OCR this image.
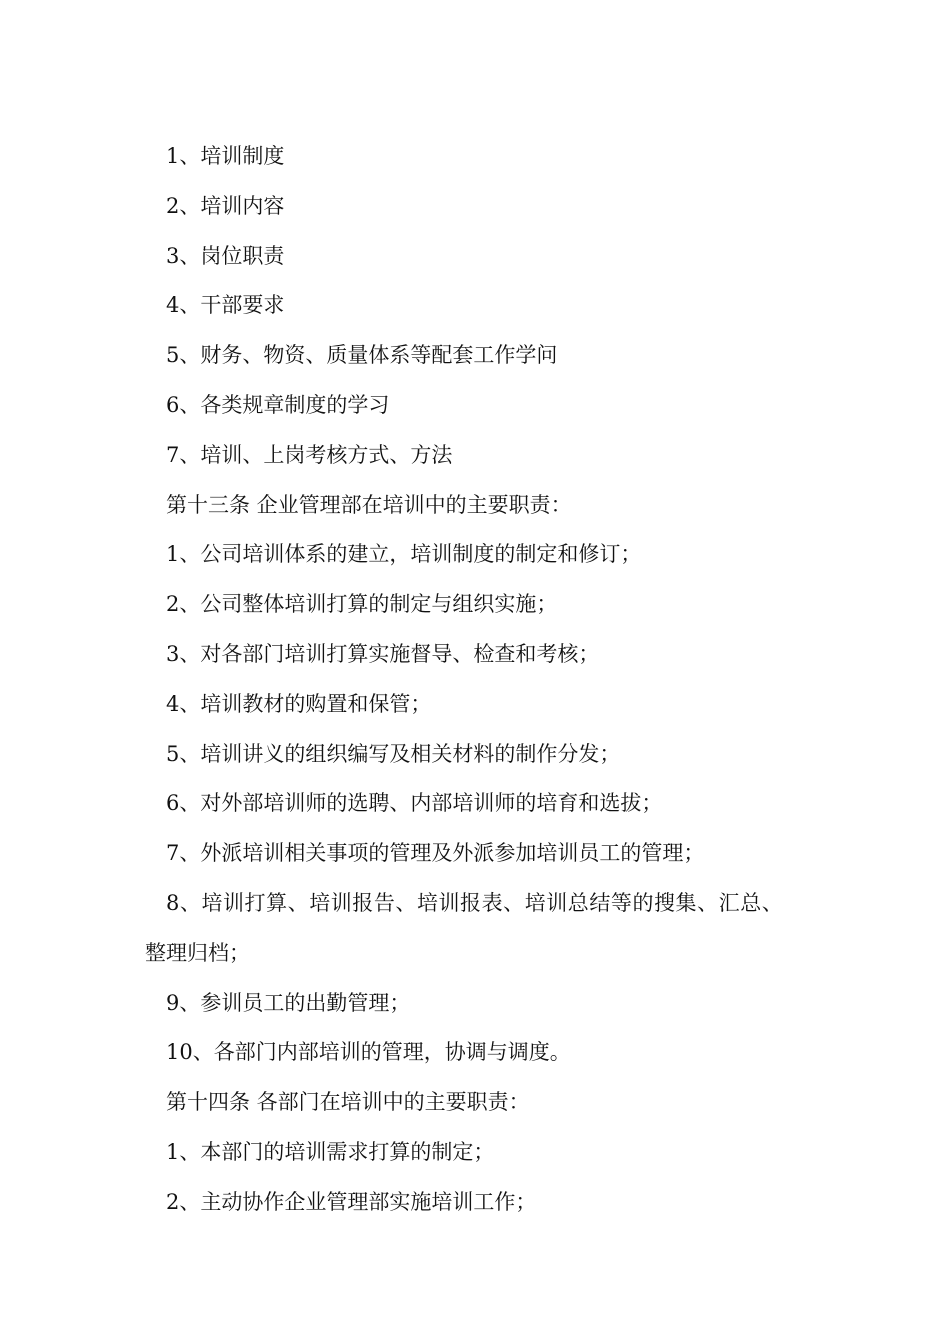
1、培训制度
2、培训内容
3、岗位职责
4、干部要求
5、财务、物资、质量体系等配套工作学问
6、各类规章制度的学习
7、培训、上岗考核方式、方法
第十三条 企业管理部在培训中的主要职责：
1、公司培训体系的建立，培训制度的制定和修订；
2、公司整体培训打算的制定与组织实施；
3、对各部门培训打算实施督导、检查和考核；
4、培训教材的购置和保管；
5、培训讲义的组织编写及相关材料的制作分发；
6、对外部培训师的选聘、内部培训师的培育和选拔；
7、外派培训相关事项的管理及外派参加培训员工的管理；
8、培训打算、培训报告、培训报表、培训总结等的搜集、汇总、
整理归档；
9、参训员工的出勤管理；
10、各部门内部培训的管理，协调与调度。
第十四条 各部门在培训中的主要职责：
1、本部门的培训需求打算的制定；
2、主动协作企业管理部实施培训工作；
